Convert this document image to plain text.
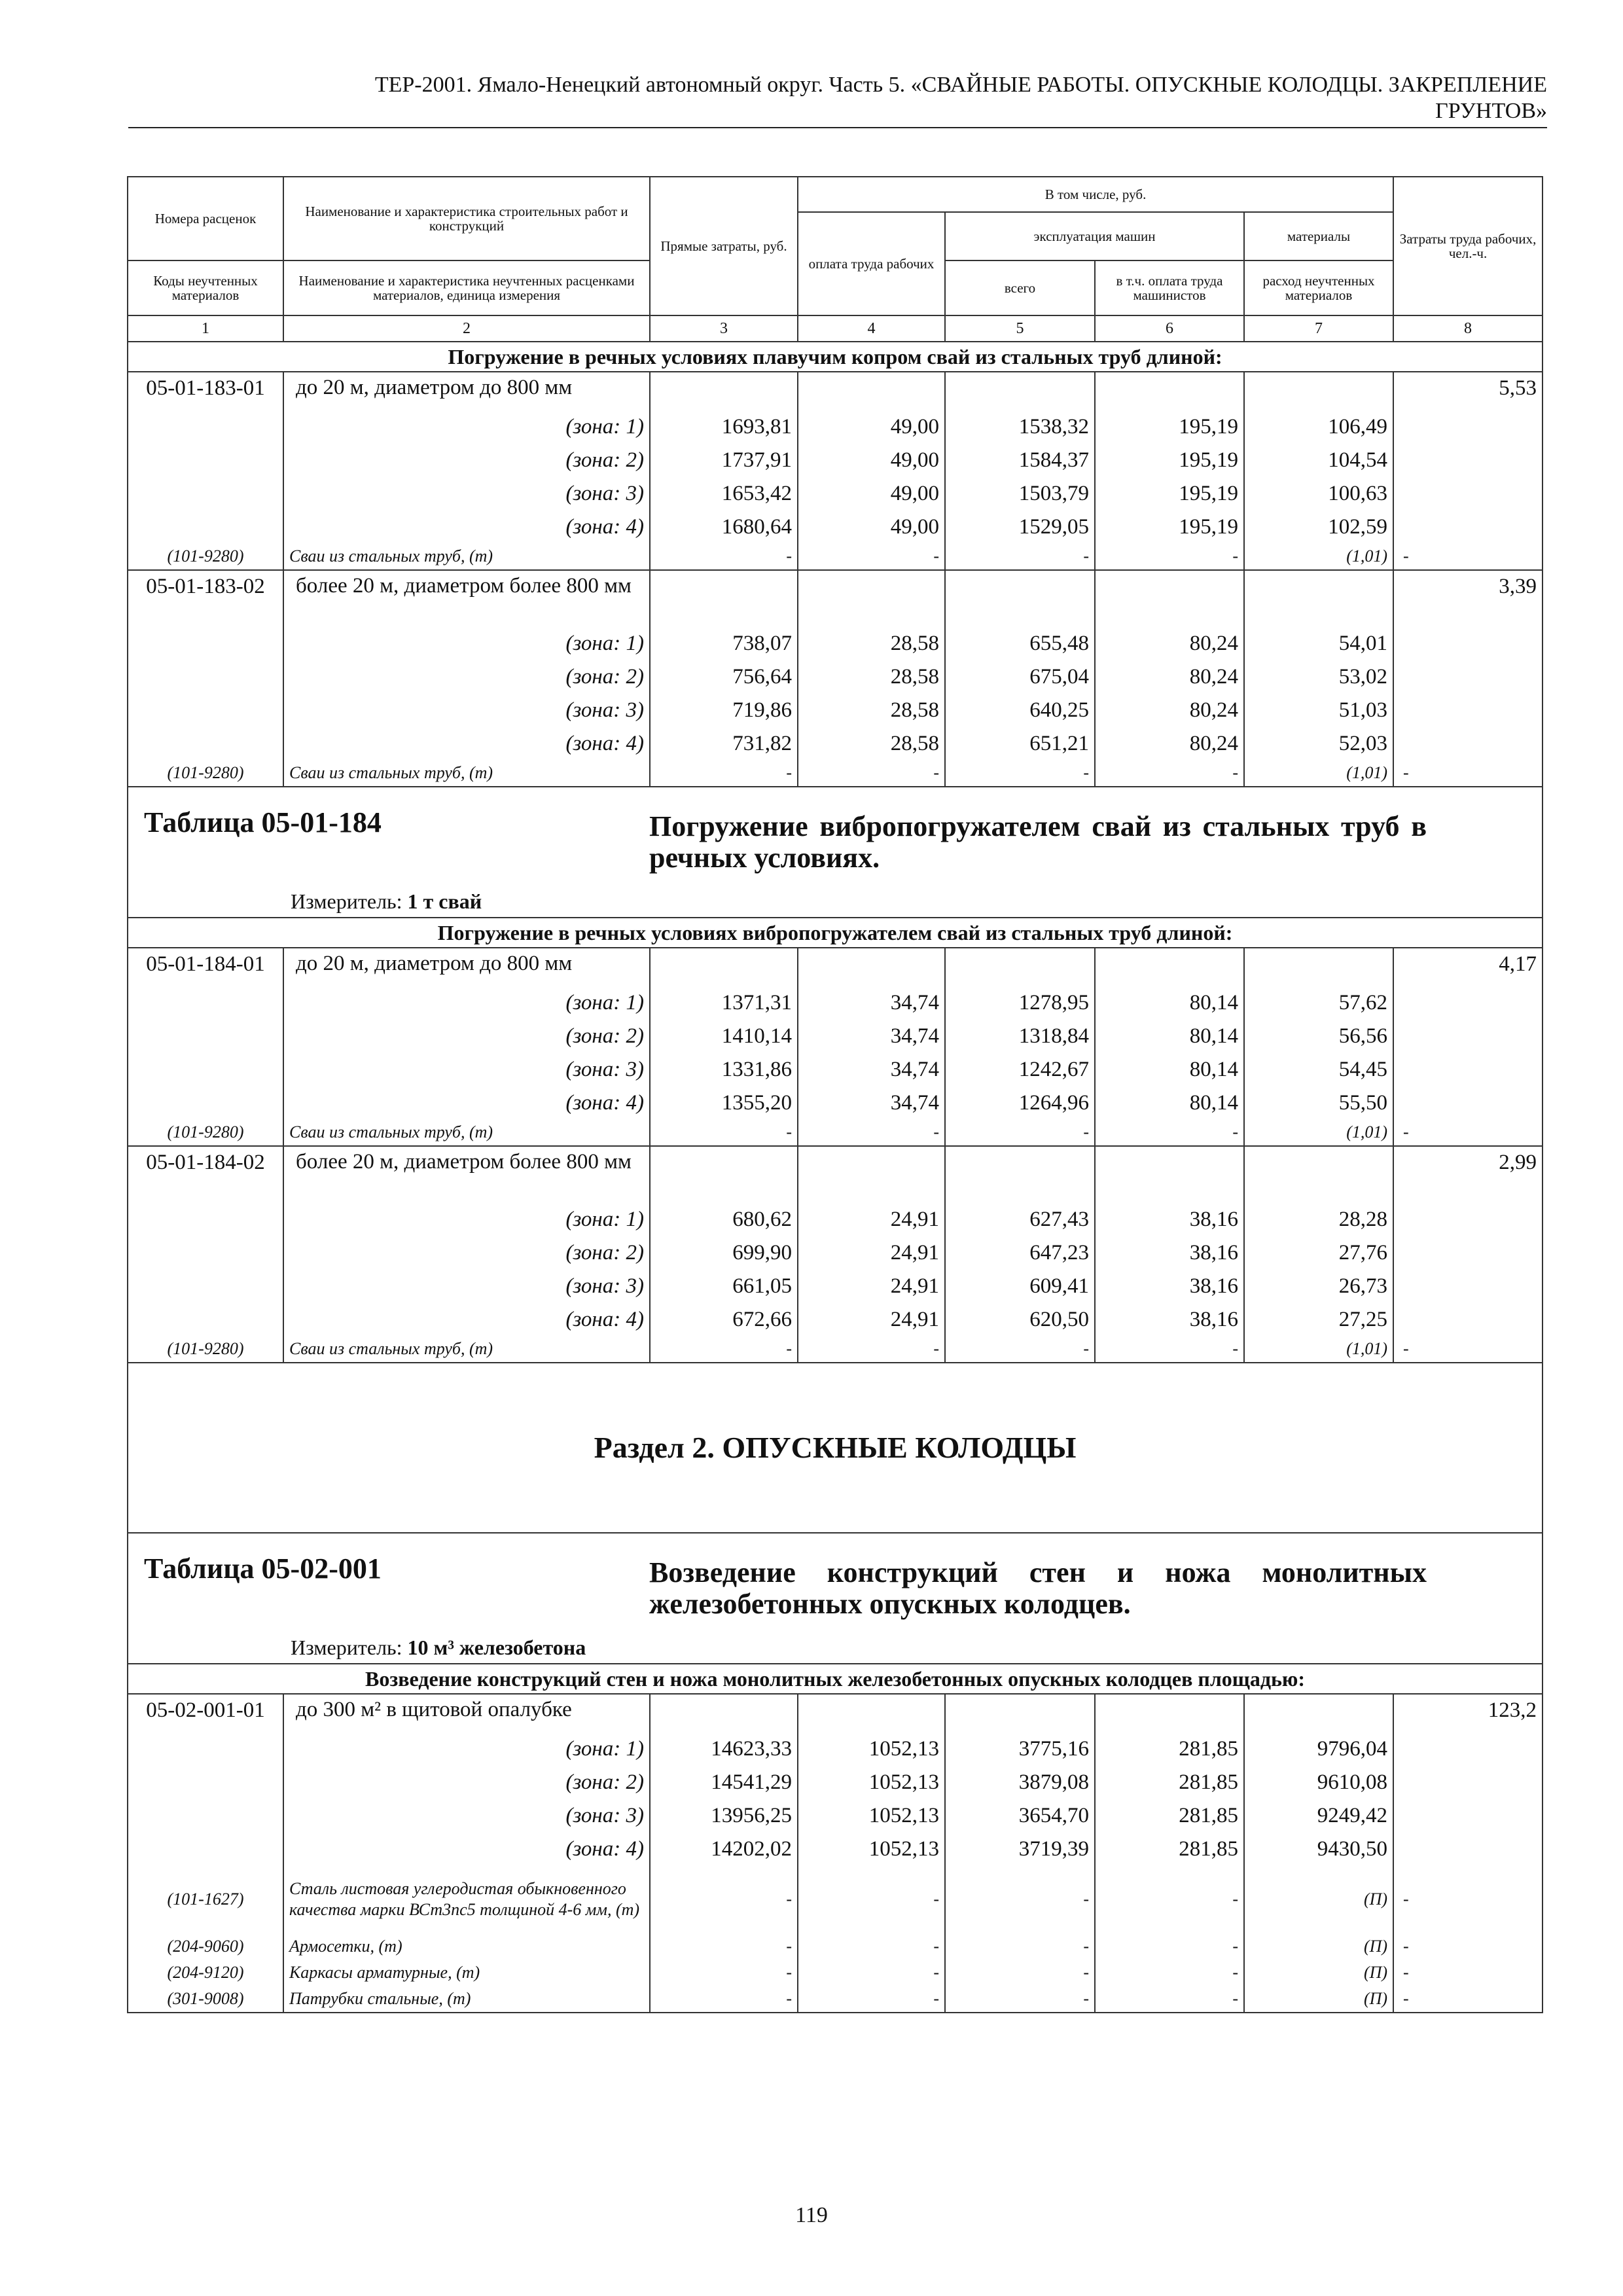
ТЕР-2001. Ямало-Ненецкий автономный округ. Часть 5. «СВАЙНЫЕ РАБОТЫ. ОПУСКНЫЕ КОЛОДЦЫ. ЗАКРЕПЛЕНИЕ
ГРУНТОВ»
Номера расценок	Наименование и характеристика строительных работ и конструкций	Прямые затраты, руб.	В том числе, руб.				Затраты труда рабочих, чел.-ч.
			оплата труда рабочих	эксплуатация машин		материалы	
Коды неучтенных материалов	Наименование и характеристика неучтенных расценками материалов, единица измерения			всего	в т.ч. оплата труда машинистов	расход неучтенных материалов	
1	2	3	4	5	6	7	8
Погружение в речных условиях плавучим копром свай из стальных труб длиной:							
05-01-183-01	до 20 м, диаметром до 800 мм						5,53
	(зона: 1)	1693,81	49,00	1538,32	195,19	106,49	
	(зона: 2)	1737,91	49,00	1584,37	195,19	104,54	
	(зона: 3)	1653,42	49,00	1503,79	195,19	100,63	
	(зона: 4)	1680,64	49,00	1529,05	195,19	102,59	
(101-9280)	Сваи из стальных труб, (т)	-	-	-	-	(1,01)	-
05-01-183-02	более 20 м, диаметром более 800 мм						3,39
	(зона: 1)	738,07	28,58	655,48	80,24	54,01	
	(зона: 2)	756,64	28,58	675,04	80,24	53,02	
	(зона: 3)	719,86	28,58	640,25	80,24	51,03	
	(зона: 4)	731,82	28,58	651,21	80,24	52,03	
(101-9280)	Сваи из стальных труб, (т)	-	-	-	-	(1,01)	-

Таблица 05-01-184 Погружение вибропогружателем свай из стальных труб в речных условиях.
Измеритель: 1 т свай							

Погружение в речных условиях вибропогружателем свай из стальных труб длиной:							
05-01-184-01	до 20 м, диаметром до 800 мм						4,17
	(зона: 1)	1371,31	34,74	1278,95	80,14	57,62	
	(зона: 2)	1410,14	34,74	1318,84	80,14	56,56	
	(зона: 3)	1331,86	34,74	1242,67	80,14	54,45	
	(зона: 4)	1355,20	34,74	1264,96	80,14	55,50	
(101-9280)	Сваи из стальных труб, (т)	-	-	-	-	(1,01)	-
05-01-184-02	более 20 м, диаметром более 800 мм						2,99
	(зона: 1)	680,62	24,91	627,43	38,16	28,28	
	(зона: 2)	699,90	24,91	647,23	38,16	27,76	
	(зона: 3)	661,05	24,91	609,41	38,16	26,73	
	(зона: 4)	672,66	24,91	620,50	38,16	27,25	
(101-9280)	Сваи из стальных труб, (т)	-	-	-	-	(1,01)	-
Раздел 2. ОПУСКНЫЕ КОЛОДЦЫ							

Таблица 05-02-001 Возведение конструкций стен и ножа монолитных железобетонных опускных колодцев.
Измеритель: 10 м³ железобетона							

Возведение конструкций стен и ножа монолитных железобетонных опускных колодцев площадью:							
05-02-001-01	до 300 м² в щитовой опалубке						123,2
	(зона: 1)	14623,33	1052,13	3775,16	281,85	9796,04	
	(зона: 2)	14541,29	1052,13	3879,08	281,85	9610,08	
	(зона: 3)	13956,25	1052,13	3654,70	281,85	9249,42	
	(зона: 4)	14202,02	1052,13	3719,39	281,85	9430,50	
(101-1627)	Сталь листовая углеродистая обыкновенного качества марки ВСт3пс5 толщиной 4-6 мм, (т)	-	-	-	-	(П)	-
(204-9060)	Армосетки, (т)	-	-	-	-	(П)	-
(204-9120)	Каркасы арматурные, (т)	-	-	-	-	(П)	-
(301-9008)	Патрубки стальные, (т)	-	-	-	-	(П)	-
119
